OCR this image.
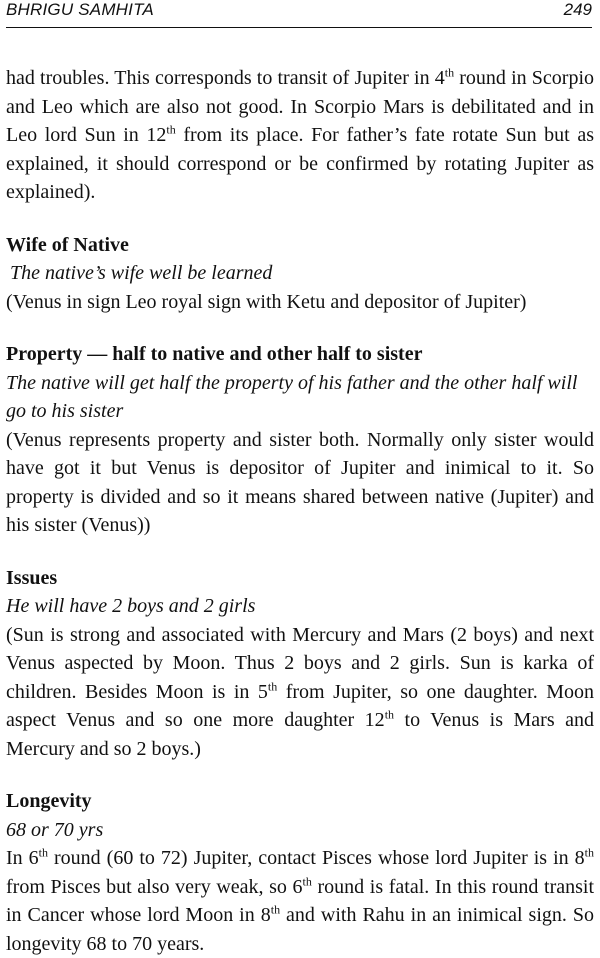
BHRIGU SAMHITA	249
had troubles. This corresponds to transit of Jupiter in 4th round in Scorpio and Leo which are also not good. In Scorpio Mars is debilitated and in Leo lord Sun in 12th from its place. For father’s fate rotate Sun but as explained, it should correspond or be confirmed by rotating Jupiter as explained).
Wife of Native
The native’s wife well be learned
(Venus in sign Leo royal sign with Ketu and depositor of Jupiter)
Property — half to native and other half to sister
The native will get half the property of his father and the other half will go to his sister
(Venus represents property and sister both. Normally only sister would have got it but Venus is depositor of Jupiter and inimical to it. So property is divided and so it means shared between native (Jupiter) and his sister (Venus))
Issues
He will have 2 boys and 2 girls
(Sun is strong and associated with Mercury and Mars (2 boys) and next Venus aspected by Moon. Thus 2 boys and 2 girls. Sun is karka of children. Besides Moon is in 5th from Jupiter, so one daughter. Moon aspect Venus and so one more daughter 12th to Venus is Mars and Mercury and so 2 boys.)
Longevity
68 or 70 yrs
In 6th round (60 to 72) Jupiter, contact Pisces whose lord Jupiter is in 8th from Pisces but also very weak, so 6th round is fatal. In this round transit in Cancer whose lord Moon in 8th and with Rahu in an inimical sign. So longevity 68 to 70 years.
